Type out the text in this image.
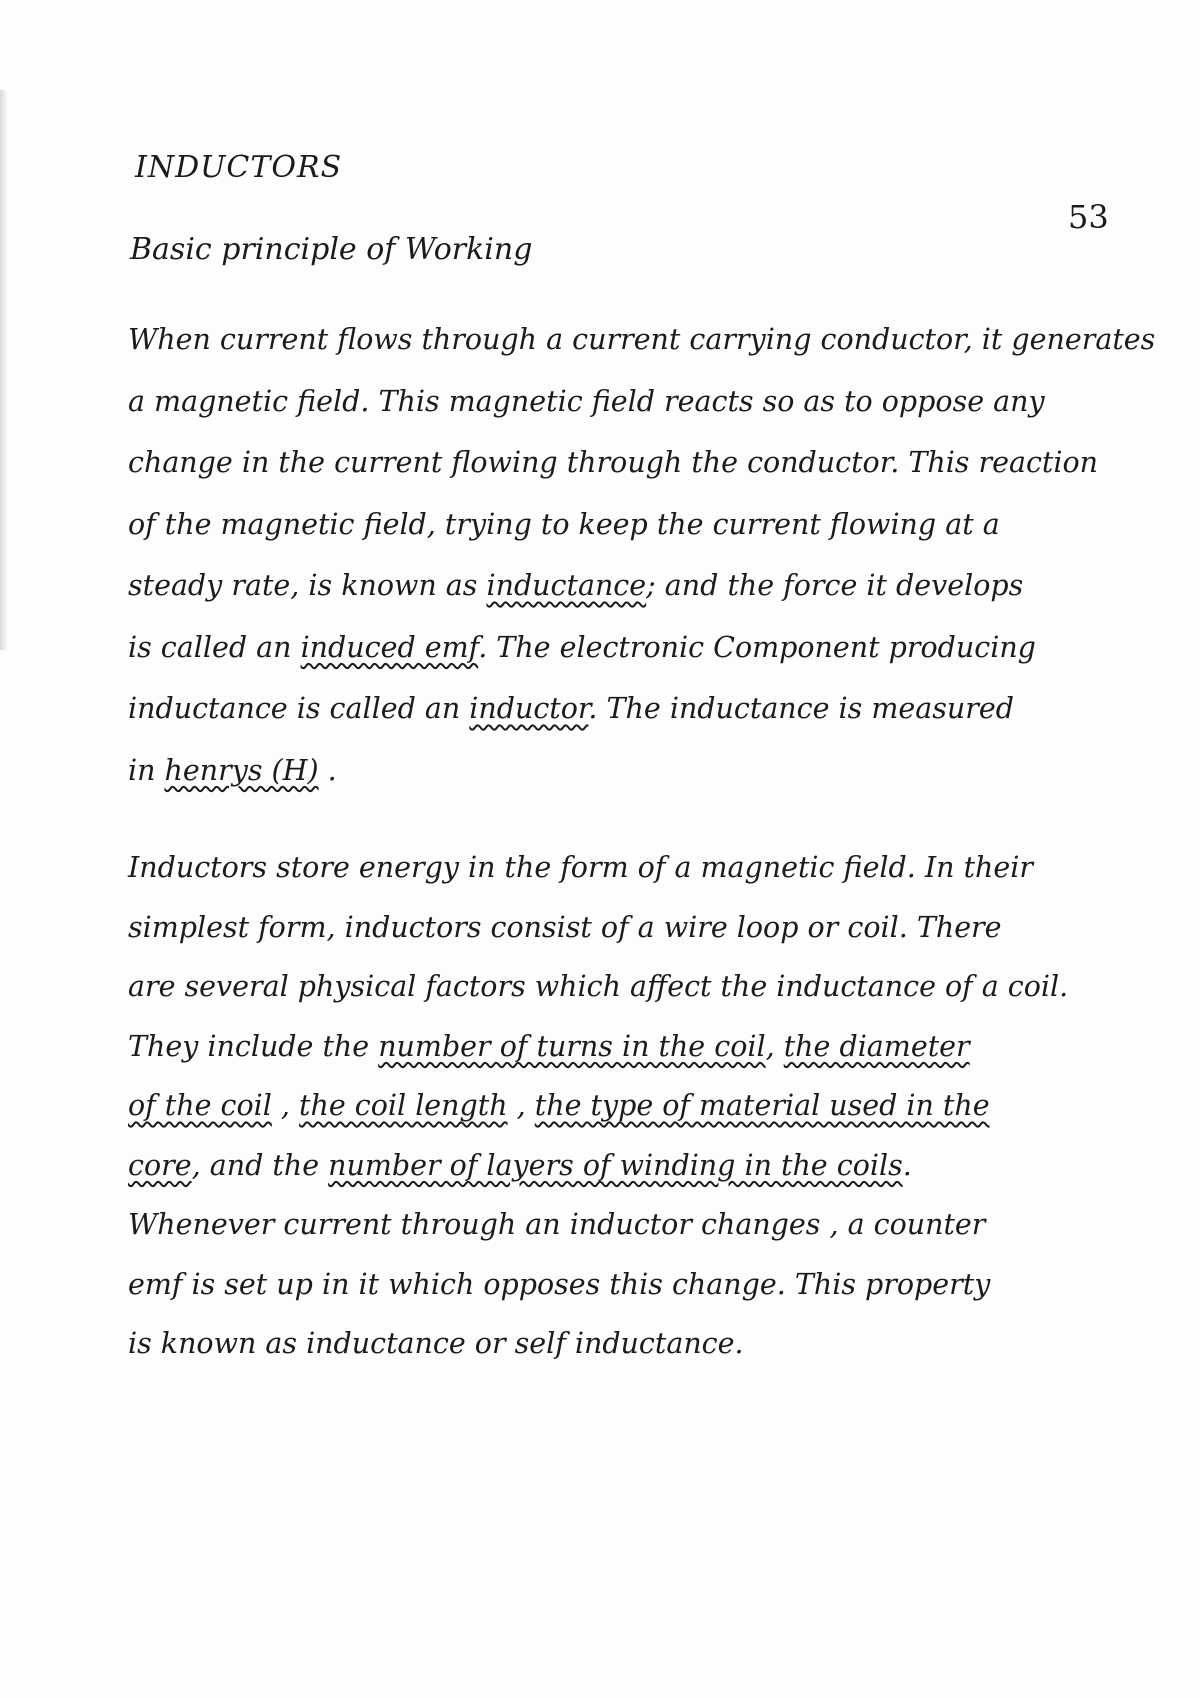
INDUCTORS
53
Basic principle of Working
When current flows through a current carrying conductor, it generates
a magnetic field. This magnetic field reacts so as to oppose any
change in the current flowing through the conductor. This reaction
of the magnetic field, trying to keep the current flowing at a
steady rate, is known as inductance; and the force it develops
is called an induced emf. The electronic Component producing
inductance is called an inductor. The inductance is measured
in henrys (H) .
Inductors store energy in the form of a magnetic field. In their
simplest form, inductors consist of a wire loop or coil. There
are several physical factors which affect the inductance of a coil.
They include the number of turns in the coil, the diameter
of the coil , the coil length , the type of material used in the
core, and the number of layers of winding in the coils.
Whenever current through an inductor changes , a counter
emf is set up in it which opposes this change. This property
is known as inductance or self inductance.
